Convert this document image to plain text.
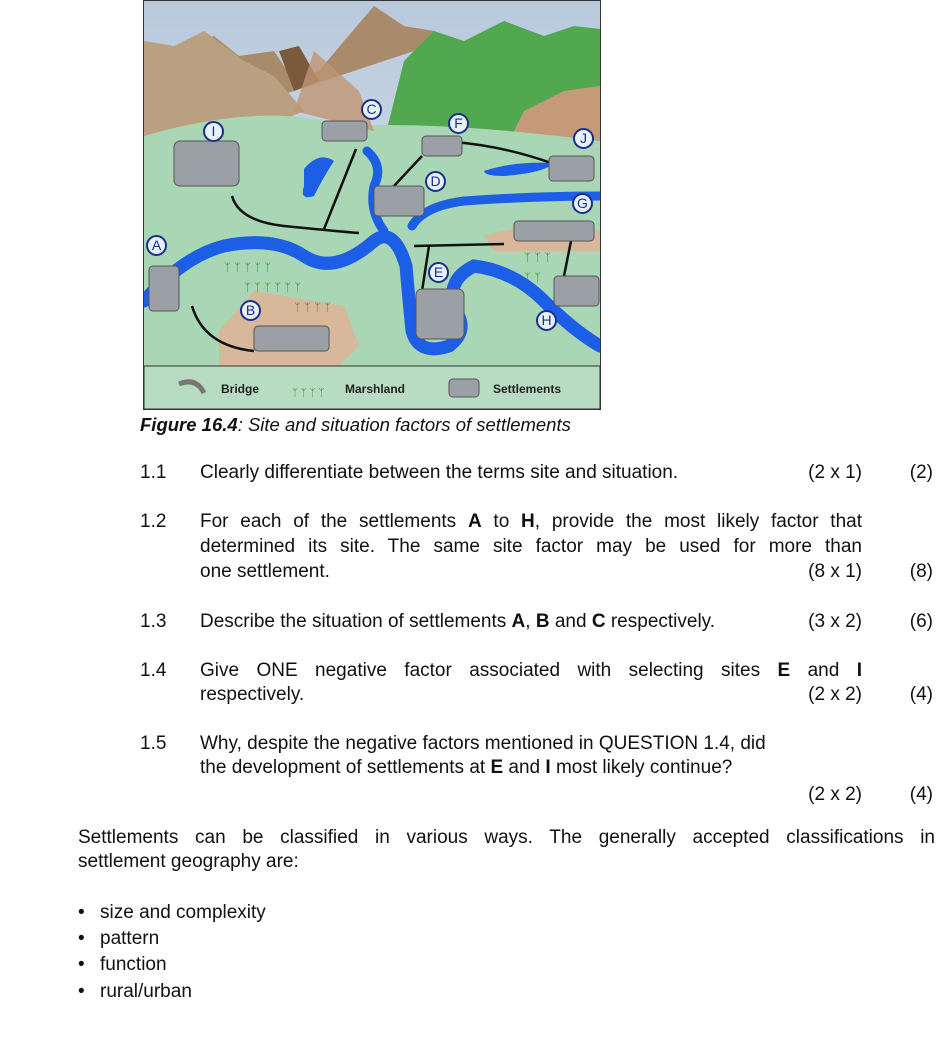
ᛉ ᛉ ᛉ ᛉ ᛉ
ᛉ ᛉ ᛉ ᛉ ᛉ ᛉ
ᛉ ᛉ ᛉ ᛉ
ᛉ ᛉ ᛉ
ᛉ ᛉ
ᛉ ᛉ ᛉ ᛉ
A
B
C
D
E
F
G
H
I	J
Bridge	Marshland	Settlements
Figure 16.4: Site and situation factors of settlements
1.1 Clearly differentiate between the terms site and situation.	(2 x 1)	(2)
1.2 For each of the settlements A to H, provide the most likely factor that
determined its site. The same site factor may be used for more than
one settlement.	(8 x 1)	(8)
1.3 Describe the situation of settlements A, B and C respectively.	(3 x 2)	(6)
1.4 Give ONE negative factor associated with selecting sites E and I
respectively.	(2 x 2)	(4)
1.5 Why, despite the negative factors mentioned in QUESTION 1.4, did
the development of settlements at E and I most likely continue?
(2 x 2)	(4)
Settlements can be classified in various ways. The generally accepted classifications in
settlement geography are:
•size and complexity
•pattern
•function
•rural/urban
